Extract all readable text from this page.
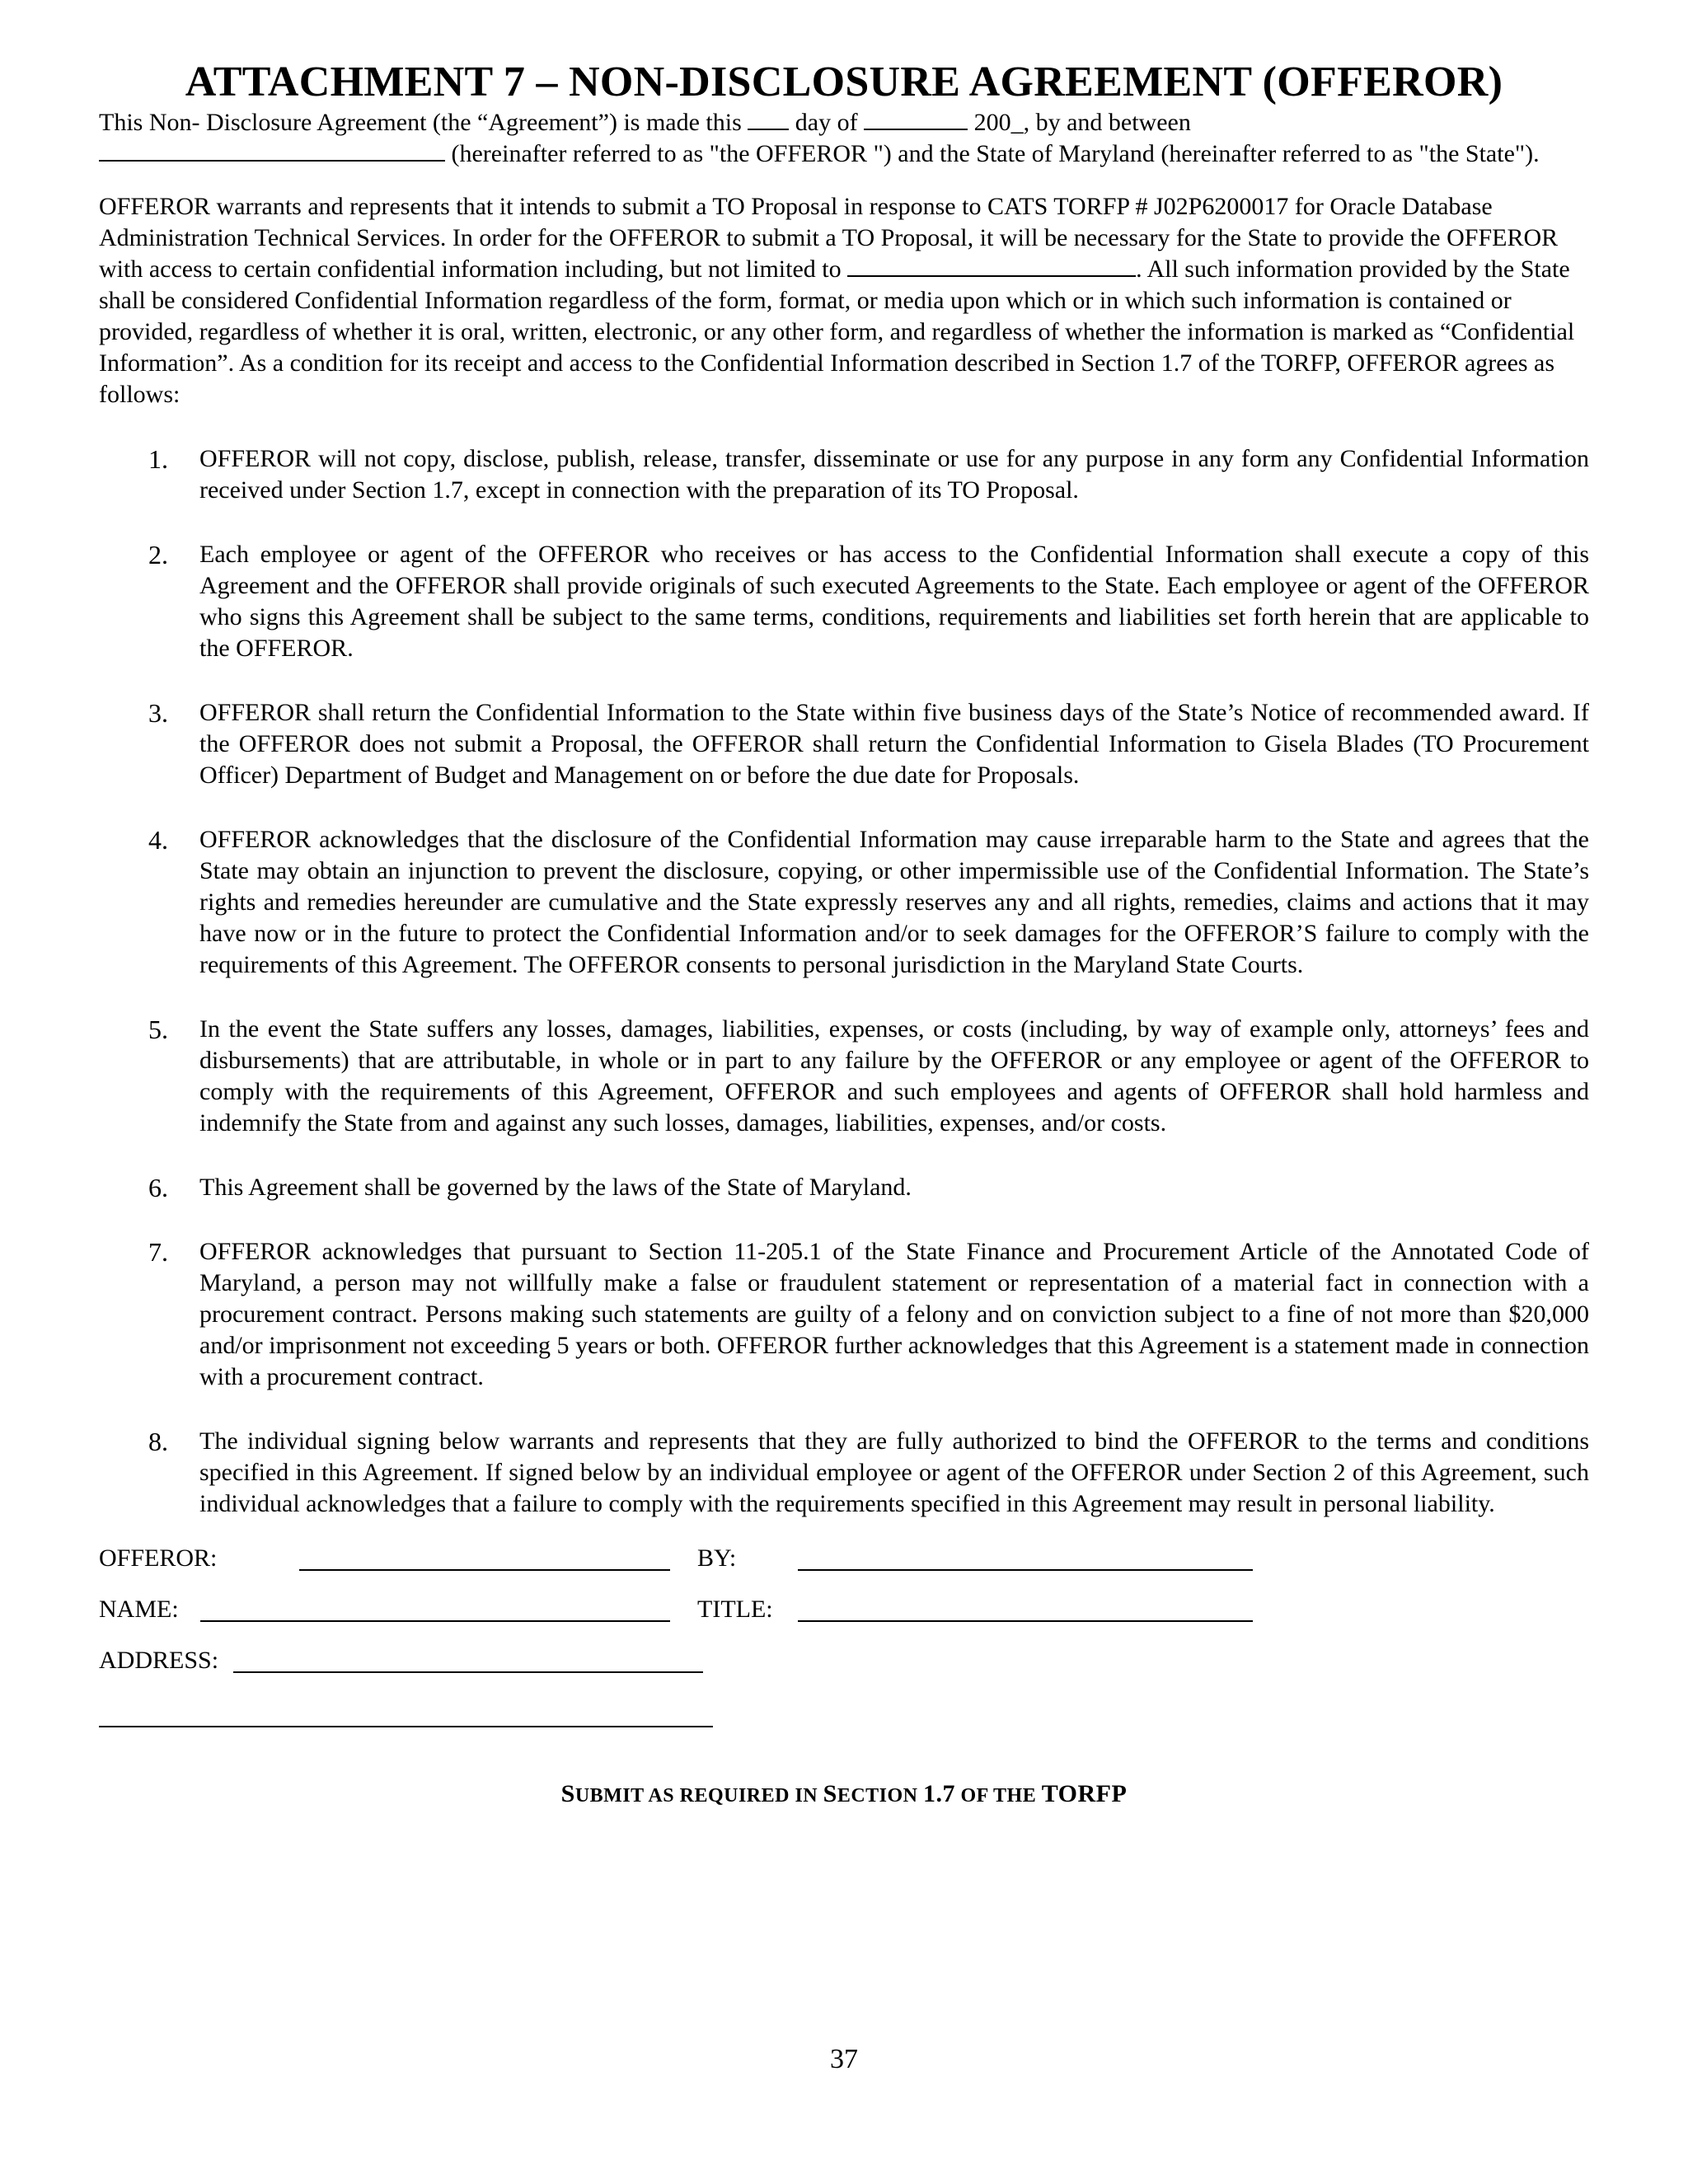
ATTACHMENT 7 – NON-DISCLOSURE AGREEMENT (OFFEROR)

This Non- Disclosure Agreement (the “Agreement”) is made this day of	200_, by and between
(hereinafter referred to as "the OFFEROR ") and the State of Maryland (hereinafter referred to as "the State").

OFFEROR warrants and represents that it intends to submit a TO Proposal in response to CATS TORFP # J02P6200017 for Oracle Database Administration Technical Services. In order for the OFFEROR to submit a TO Proposal, it will be necessary for the State to provide the OFFEROR with access to certain confidential information including, but not limited to	. All such information provided by the State shall be considered Confidential Information regardless of the form, format, or media upon which or in which such information is contained or provided, regardless of whether it is oral, written, electronic, or any other form, and regardless of whether the information is marked as “Confidential Information”. As a condition for its receipt and access to the Confidential Information described in Section 1.7 of the TORFP, OFFEROR agrees as follows:

1.	OFFEROR will not copy, disclose, publish, release, transfer, disseminate or use for any purpose in any form any Confidential Information received under Section 1.7, except in connection with the preparation of its TO Proposal.
2.	Each employee or agent of the OFFEROR who receives or has access to the Confidential Information shall execute a copy of this Agreement and the OFFEROR shall provide originals of such executed Agreements to the State. Each employee or agent of the OFFEROR who signs this Agreement shall be subject to the same terms, conditions, requirements and liabilities set forth herein that are applicable to the OFFEROR.
3.	OFFEROR shall return the Confidential Information to the State within five business days of the State’s Notice of recommended award. If the OFFEROR does not submit a Proposal, the OFFEROR shall return the Confidential Information to Gisela Blades (TO Procurement Officer) Department of Budget and Management on or before the due date for Proposals.
4.	OFFEROR acknowledges that the disclosure of the Confidential Information may cause irreparable harm to the State and agrees that the State may obtain an injunction to prevent the disclosure, copying, or other impermissible use of the Confidential Information. The State’s rights and remedies hereunder are cumulative and the State expressly reserves any and all rights, remedies, claims and actions that it may have now or in the future to protect the Confidential Information and/or to seek damages for the OFFEROR’S failure to comply with the requirements of this Agreement. The OFFEROR consents to personal jurisdiction in the Maryland State Courts.
5.	In the event the State suffers any losses, damages, liabilities, expenses, or costs (including, by way of example only, attorneys’ fees and disbursements) that are attributable, in whole or in part to any failure by the OFFEROR or any employee or agent of the OFFEROR to comply with the requirements of this Agreement, OFFEROR and such employees and agents of OFFEROR shall hold harmless and indemnify the State from and against any such losses, damages, liabilities, expenses, and/or costs.
6.	This Agreement shall be governed by the laws of the State of Maryland.
7.	OFFEROR acknowledges that pursuant to Section 11-205.1 of the State Finance and Procurement Article of the Annotated Code of Maryland, a person may not willfully make a false or fraudulent statement or representation of a material fact in connection with a procurement contract. Persons making such statements are guilty of a felony and on conviction subject to a fine of not more than $20,000 and/or imprisonment not exceeding 5 years or both. OFFEROR further acknowledges that this Agreement is a statement made in connection with a procurement contract.
8.	The individual signing below warrants and represents that they are fully authorized to bind the OFFEROR to the terms and conditions specified in this Agreement. If signed below by an individual employee or agent of the OFFEROR under Section 2 of this Agreement, such individual acknowledges that a failure to comply with the requirements specified in this Agreement may result in personal liability.
OFFEROR:	BY:
NAME:	TITLE:
ADDRESS:
SUBMIT AS REQUIRED IN SECTION 1.7 OF THE TORFP
37
